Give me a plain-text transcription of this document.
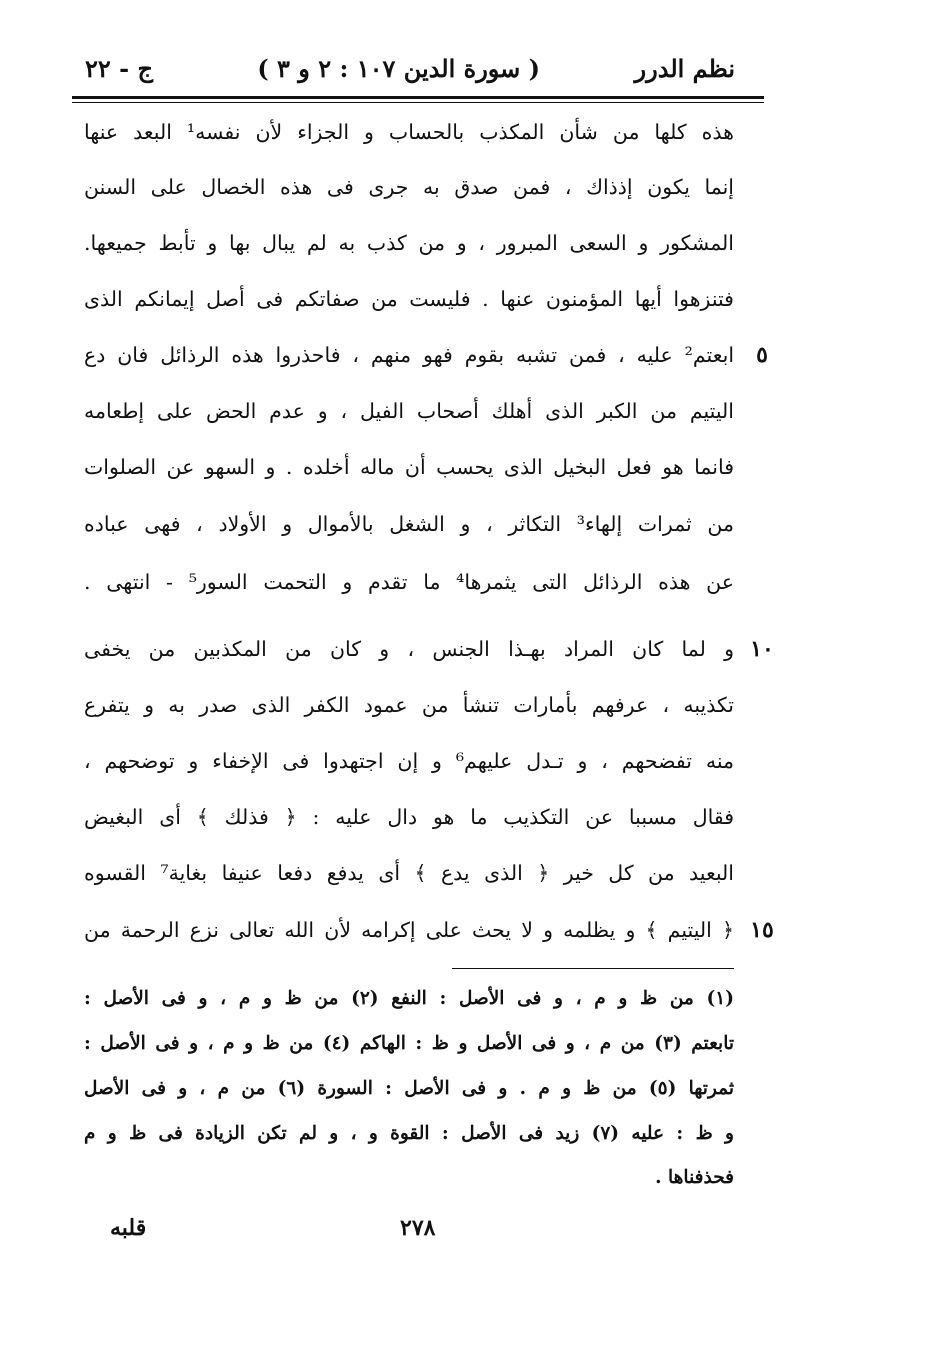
نظم الدرر
( سورة الدين ١٠٧ : ٢ و ٣ )
ج - ٢٢
هذه كلها من شأن المكذب بالحساب و الجزاء لأن نفسه¹ البعد عنها
إنما يكون إذذاك ، فمن صدق به جرى فى هذه الخصال على السنن
المشكور و السعى المبرور ، و من كذب به لم يبال بها و تأبط جميعها.
فتنزهوا أيها المؤمنون عنها . فليست من صفاتكم فى أصل إيمانكم الذى
ابعتم² عليه ، فمن تشبه بقوم فهو منهم ، فاحذروا هذه الرذائل فان دع
اليتيم من الكبر الذى أهلك أصحاب الفيل ، و عدم الحض على إطعامه
فانما هو فعل البخيل الذى يحسب أن ماله أخلده . و السهو عن الصلوات
من ثمرات إلهاء³ التكاثر ، و الشغل بالأموال و الأولاد ، فهى عباده
عن هذه الرذائل التى يثمرها⁴ ما تقدم و التحمت السور⁵ - انتهى .
و لما كان المراد بهـذا الجنس ، و كان من المكذبين من يخفى
تكذيبه ، عرفهم بأمارات تنشأ من عمود الكفر الذى صدر به و يتفرع
منه تفضحهم ، و تـدل عليهم⁶ و إن اجتهدوا فى الإخفاء و توضحهم ،
فقال مسببا عن التكذيب ما هو دال عليه : ﴿ فذلك ﴾ أى البغيض
البعيد من كل خير ﴿ الذى يدع ﴾ أى يدفع دفعا عنيفا بغاية⁷ القسوه
﴿ اليتيم ﴾ و يظلمه و لا يحث على إكرامه لأن الله تعالى نزع الرحمة من
٥
١٠
١٥
(١) من ظ و م ، و فى الأصل : النفع (٢) من ظ و م ، و فى الأصل :
تابعتم (٣) من م ، و فى الأصل و ظ : الهاكم (٤) من ظ و م ، و فى الأصل :
ثمرتها (٥) من ظ و م . و فى الأصل : السورة (٦) من م ، و فى الأصل
و ظ : عليه (٧) زيد فى الأصل : القوة و ، و لم تكن الزيادة فى ظ و م
فحذفناها .
٢٧٨
قلبه
